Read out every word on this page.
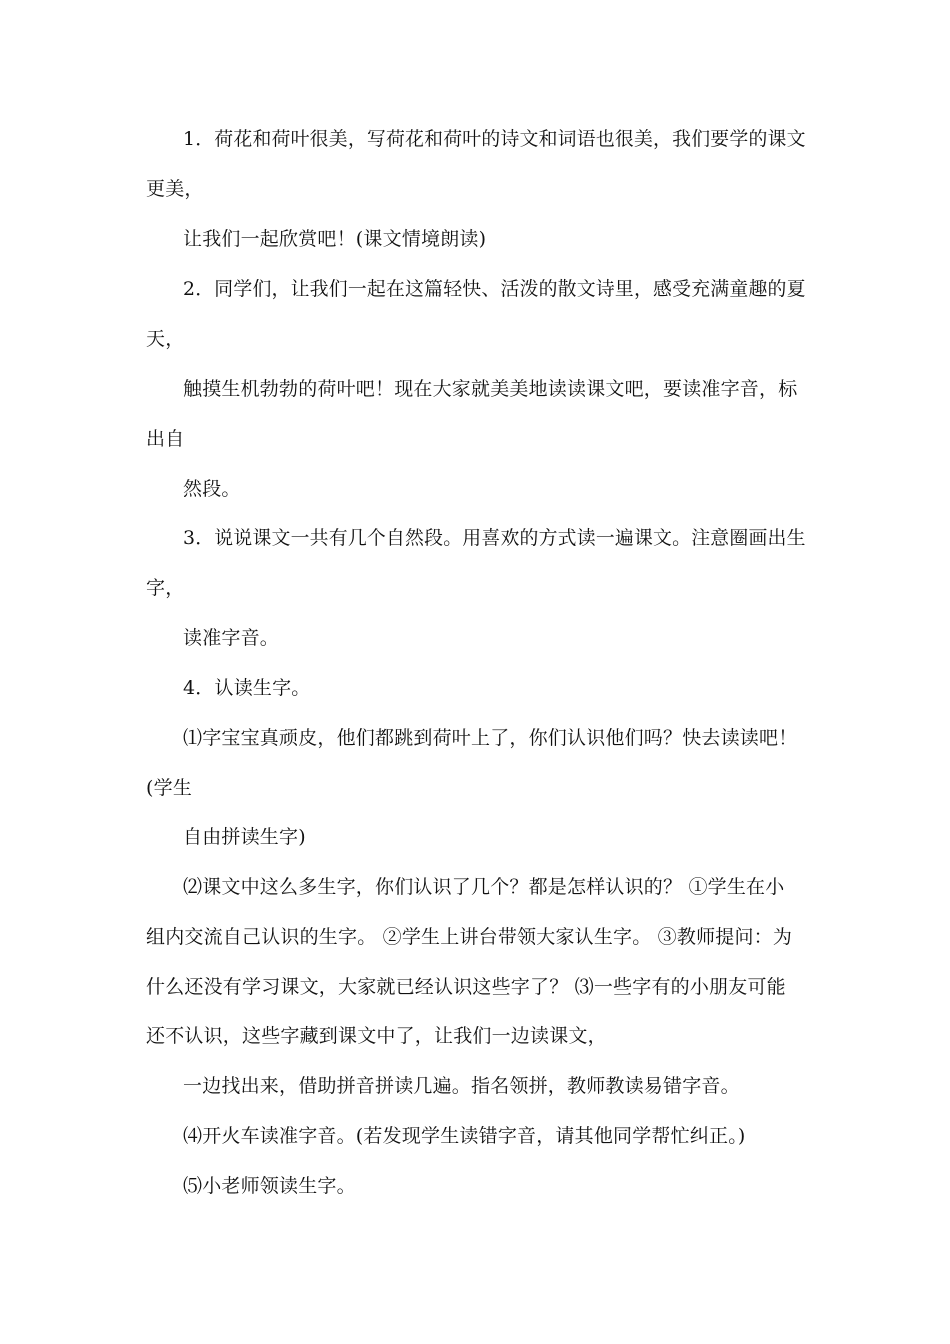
1．荷花和荷叶很美，写荷花和荷叶的诗文和词语也很美，我们要学的课文
更美，
让我们一起欣赏吧！(课文情境朗读)
2．同学们，让我们一起在这篇轻快、活泼的散文诗里，感受充满童趣的夏
天，
触摸生机勃勃的荷叶吧！现在大家就美美地读读课文吧，要读准字音，标
出自
然段。
3．说说课文一共有几个自然段。用喜欢的方式读一遍课文。注意圈画出生
字，
读准字音。
4．认读生字。
⑴字宝宝真顽皮，他们都跳到荷叶上了，你们认识他们吗？快去读读吧！
(学生
自由拼读生字)
⑵课文中这么多生字，你们认识了几个？都是怎样认识的？ ①学生在小
组内交流自己认识的生字。 ②学生上讲台带领大家认生字。 ③教师提问：为
什么还没有学习课文，大家就已经认识这些字了？ ⑶一些字有的小朋友可能
还不认识，这些字藏到课文中了，让我们一边读课文，
一边找出来，借助拼音拼读几遍。指名领拼，教师教读易错字音。
⑷开火车读准字音。(若发现学生读错字音，请其他同学帮忙纠正。)
⑸小老师领读生字。
